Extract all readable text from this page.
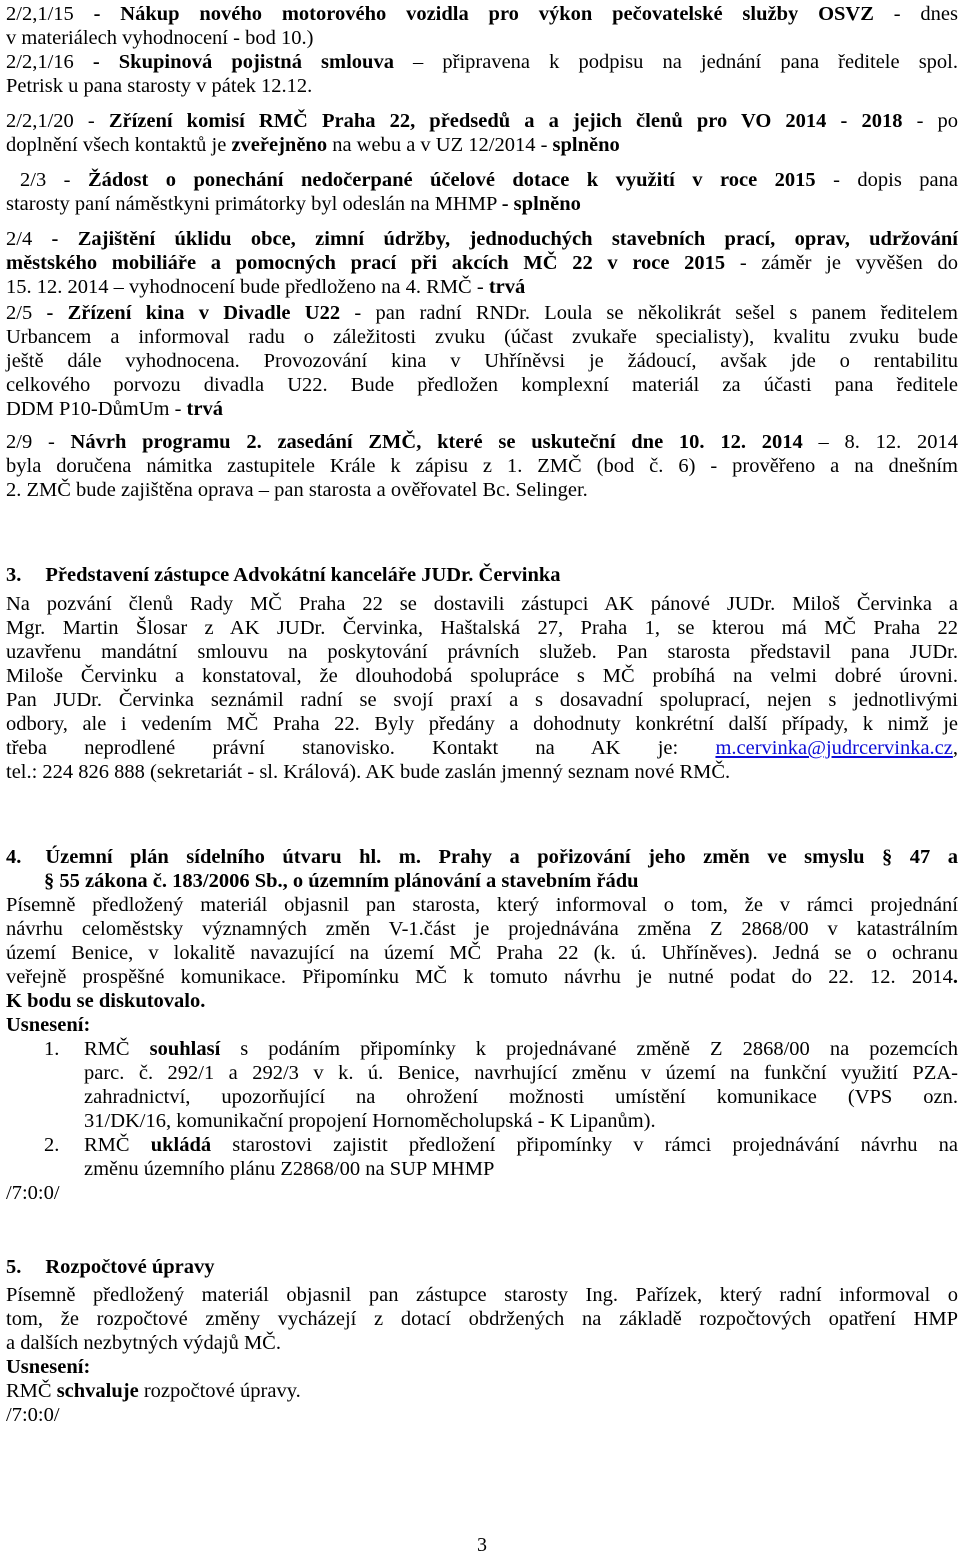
2/2,1/15 - Nákup nového motorového vozidla pro výkon pečovatelské služby OSVZ - dnes
v materiálech vyhodnocení - bod 10.)
2/2,1/16 - Skupinová pojistná smlouva – připravena k podpisu na jednání pana ředitele spol.
Petrisk u pana starosty v pátek 12.12.
2/2,1/20 - Zřízení komisí RMČ Praha 22, předsedů a a jejich členů pro VO 2014 - 2018 - po
doplnění všech kontaktů je zveřejněno na webu a v UZ 12/2014 - splněno
2/3 - Žádost o ponechání nedočerpané účelové dotace k využití v roce 2015 - dopis pana
starosty paní náměstkyni primátorky byl odeslán na MHMP - splněno
2/4 - Zajištění úklidu obce, zimní údržby, jednoduchých stavebních prací, oprav, udržování
městského mobiliáře a pomocných prací při akcích MČ 22 v roce 2015 - záměr je vyvěšen do
15. 12. 2014 – vyhodnocení bude předloženo na 4. RMČ - trvá
2/5 - Zřízení kina v Divadle U22 - pan radní RNDr. Loula se několikrát sešel s panem ředitelem
Urbancem a informoval radu o záležitosti zvuku (účast zvukaře specialisty), kvalitu zvuku bude
ještě dále vyhodnocena. Provozování kina v Uhříněvsi je žádoucí, avšak jde o rentabilitu
celkového porvozu divadla U22. Bude předložen komplexní materiál za účasti pana ředitele
DDM P10-DůmUm - trvá
2/9 - Návrh programu 2. zasedání ZMČ, které se uskuteční dne 10. 12. 2014 – 8. 12. 2014
byla doručena námitka zastupitele Krále k zápisu z 1. ZMČ (bod č. 6) - prověřeno a na dnešním
2. ZMČ bude zajištěna oprava – pan starosta a ověřovatel Bc. Selinger.
3. Představení zástupce Advokátní kanceláře JUDr. Červinka
Na pozvání členů Rady MČ Praha 22 se dostavili zástupci AK pánové JUDr. Miloš Červinka a
Mgr. Martin Šlosar z AK JUDr. Červinka, Haštalská 27, Praha 1, se kterou má MČ Praha 22
uzavřenu mandátní smlouvu na poskytování právních služeb. Pan starosta představil pana JUDr.
Miloše Červinku a konstatoval, že dlouhodobá spolupráce s MČ probíhá na velmi dobré úrovni.
Pan JUDr. Červinka seznámil radní se svojí praxí a s dosavadní spoluprací, nejen s jednotlivými
odbory, ale i vedením MČ Praha 22. Byly předány a dohodnuty konkrétní další případy, k nimž je
třeba neprodlené právní stanovisko. Kontakt na AK je: m.cervinka@judrcervinka.cz,
tel.: 224 826 888 (sekretariát - sl. Králová). AK bude zaslán jmenný seznam nové RMČ.
4. Územní plán sídelního útvaru hl. m. Prahy a pořizování jeho změn ve smyslu § 47 a
§ 55 zákona č. 183/2006 Sb., o územním plánování a stavebním řádu
Písemně předložený materiál objasnil pan starosta, který informoval o tom, že v rámci projednání
návrhu celoměstsky významných změn V-1.část je projednávána změna Z 2868/00 v katastrálním
území Benice, v lokalitě navazující na území MČ Praha 22 (k. ú. Uhříněves). Jedná se o ochranu
veřejně prospěšné komunikace. Připomínku MČ k tomuto návrhu je nutné podat do 22. 12. 2014.
K bodu se diskutovalo.
Usnesení:
1.	RMČ souhlasí s podáním připomínky k projednávané změně Z 2868/00 na pozemcích
parc. č. 292/1 a 292/3 v k. ú. Benice, navrhující změnu v území na funkční využití PZA-
zahradnictví, upozorňující na ohrožení možnosti umístění komunikace (VPS ozn.
31/DK/16, komunikační propojení Hornoměcholupská - K Lipanům).
2.	RMČ ukládá starostovi zajistit předložení připomínky v rámci projednávání návrhu na
změnu územního plánu Z2868/00 na SUP MHMP
/7:0:0/
5. Rozpočtové úpravy
Písemně předložený materiál objasnil pan zástupce starosty Ing. Pařízek, který radní informoval o
tom, že rozpočtové změny vycházejí z dotací obdržených na základě rozpočtových opatření HMP
a dalších nezbytných výdajů MČ.
Usnesení:
RMČ schvaluje rozpočtové úpravy.
/7:0:0/
3
